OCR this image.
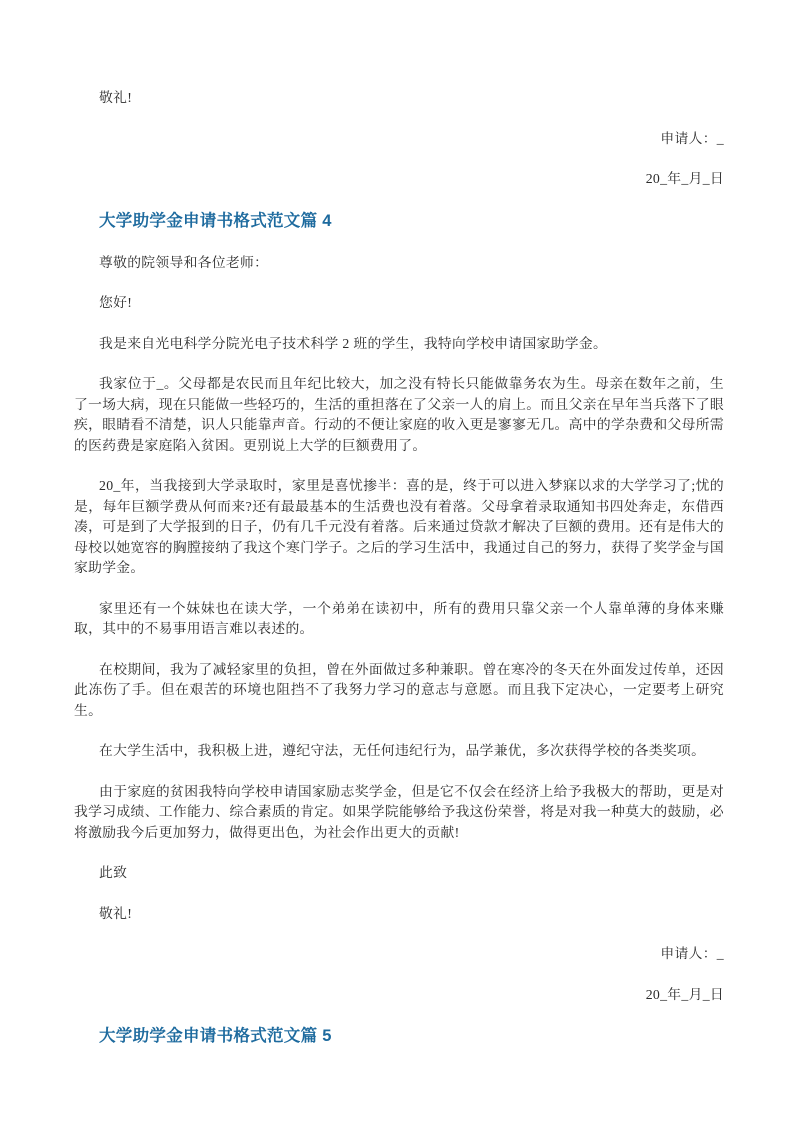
敬礼!

申请人：_

20_年_月_日

大学助学金申请书格式范文篇 4

尊敬的院领导和各位老师：

您好!

我是来自光电科学分院光电子技术科学 2 班的学生，我特向学校申请国家助学金。

我家位于_。父母都是农民而且年纪比较大，加之没有特长只能做靠务农为生。母亲在数年之前，生了一场大病，现在只能做一些轻巧的，生活的重担落在了父亲一人的肩上。而且父亲在早年当兵落下了眼疾，眼睛看不清楚，识人只能靠声音。行动的不便让家庭的收入更是寥寥无几。高中的学杂费和父母所需的医药费是家庭陷入贫困。更别说上大学的巨额费用了。

20_年，当我接到大学录取时，家里是喜忧掺半：喜的是，终于可以进入梦寐以求的大学学习了;忧的是，每年巨额学费从何而来?还有最最基本的生活费也没有着落。父母拿着录取通知书四处奔走，东借西凑，可是到了大学报到的日子，仍有几千元没有着落。后来通过贷款才解决了巨额的费用。还有是伟大的母校以她宽容的胸膛接纳了我这个寒门学子。之后的学习生活中，我通过自己的努力，获得了奖学金与国家助学金。

家里还有一个妹妹也在读大学，一个弟弟在读初中，所有的费用只靠父亲一个人靠单薄的身体来赚取，其中的不易事用语言难以表述的。

在校期间，我为了减轻家里的负担，曾在外面做过多种兼职。曾在寒冷的冬天在外面发过传单，还因此冻伤了手。但在艰苦的环境也阻挡不了我努力学习的意志与意愿。而且我下定决心，一定要考上研究生。

在大学生活中，我积极上进，遵纪守法，无任何违纪行为，品学兼优，多次获得学校的各类奖项。

由于家庭的贫困我特向学校申请国家励志奖学金，但是它不仅会在经济上给予我极大的帮助，更是对我学习成绩、工作能力、综合素质的肯定。如果学院能够给予我这份荣誉，将是对我一种莫大的鼓励，必将激励我今后更加努力，做得更出色，为社会作出更大的贡献!

此致

敬礼!

申请人：_

20_年_月_日

大学助学金申请书格式范文篇 5
